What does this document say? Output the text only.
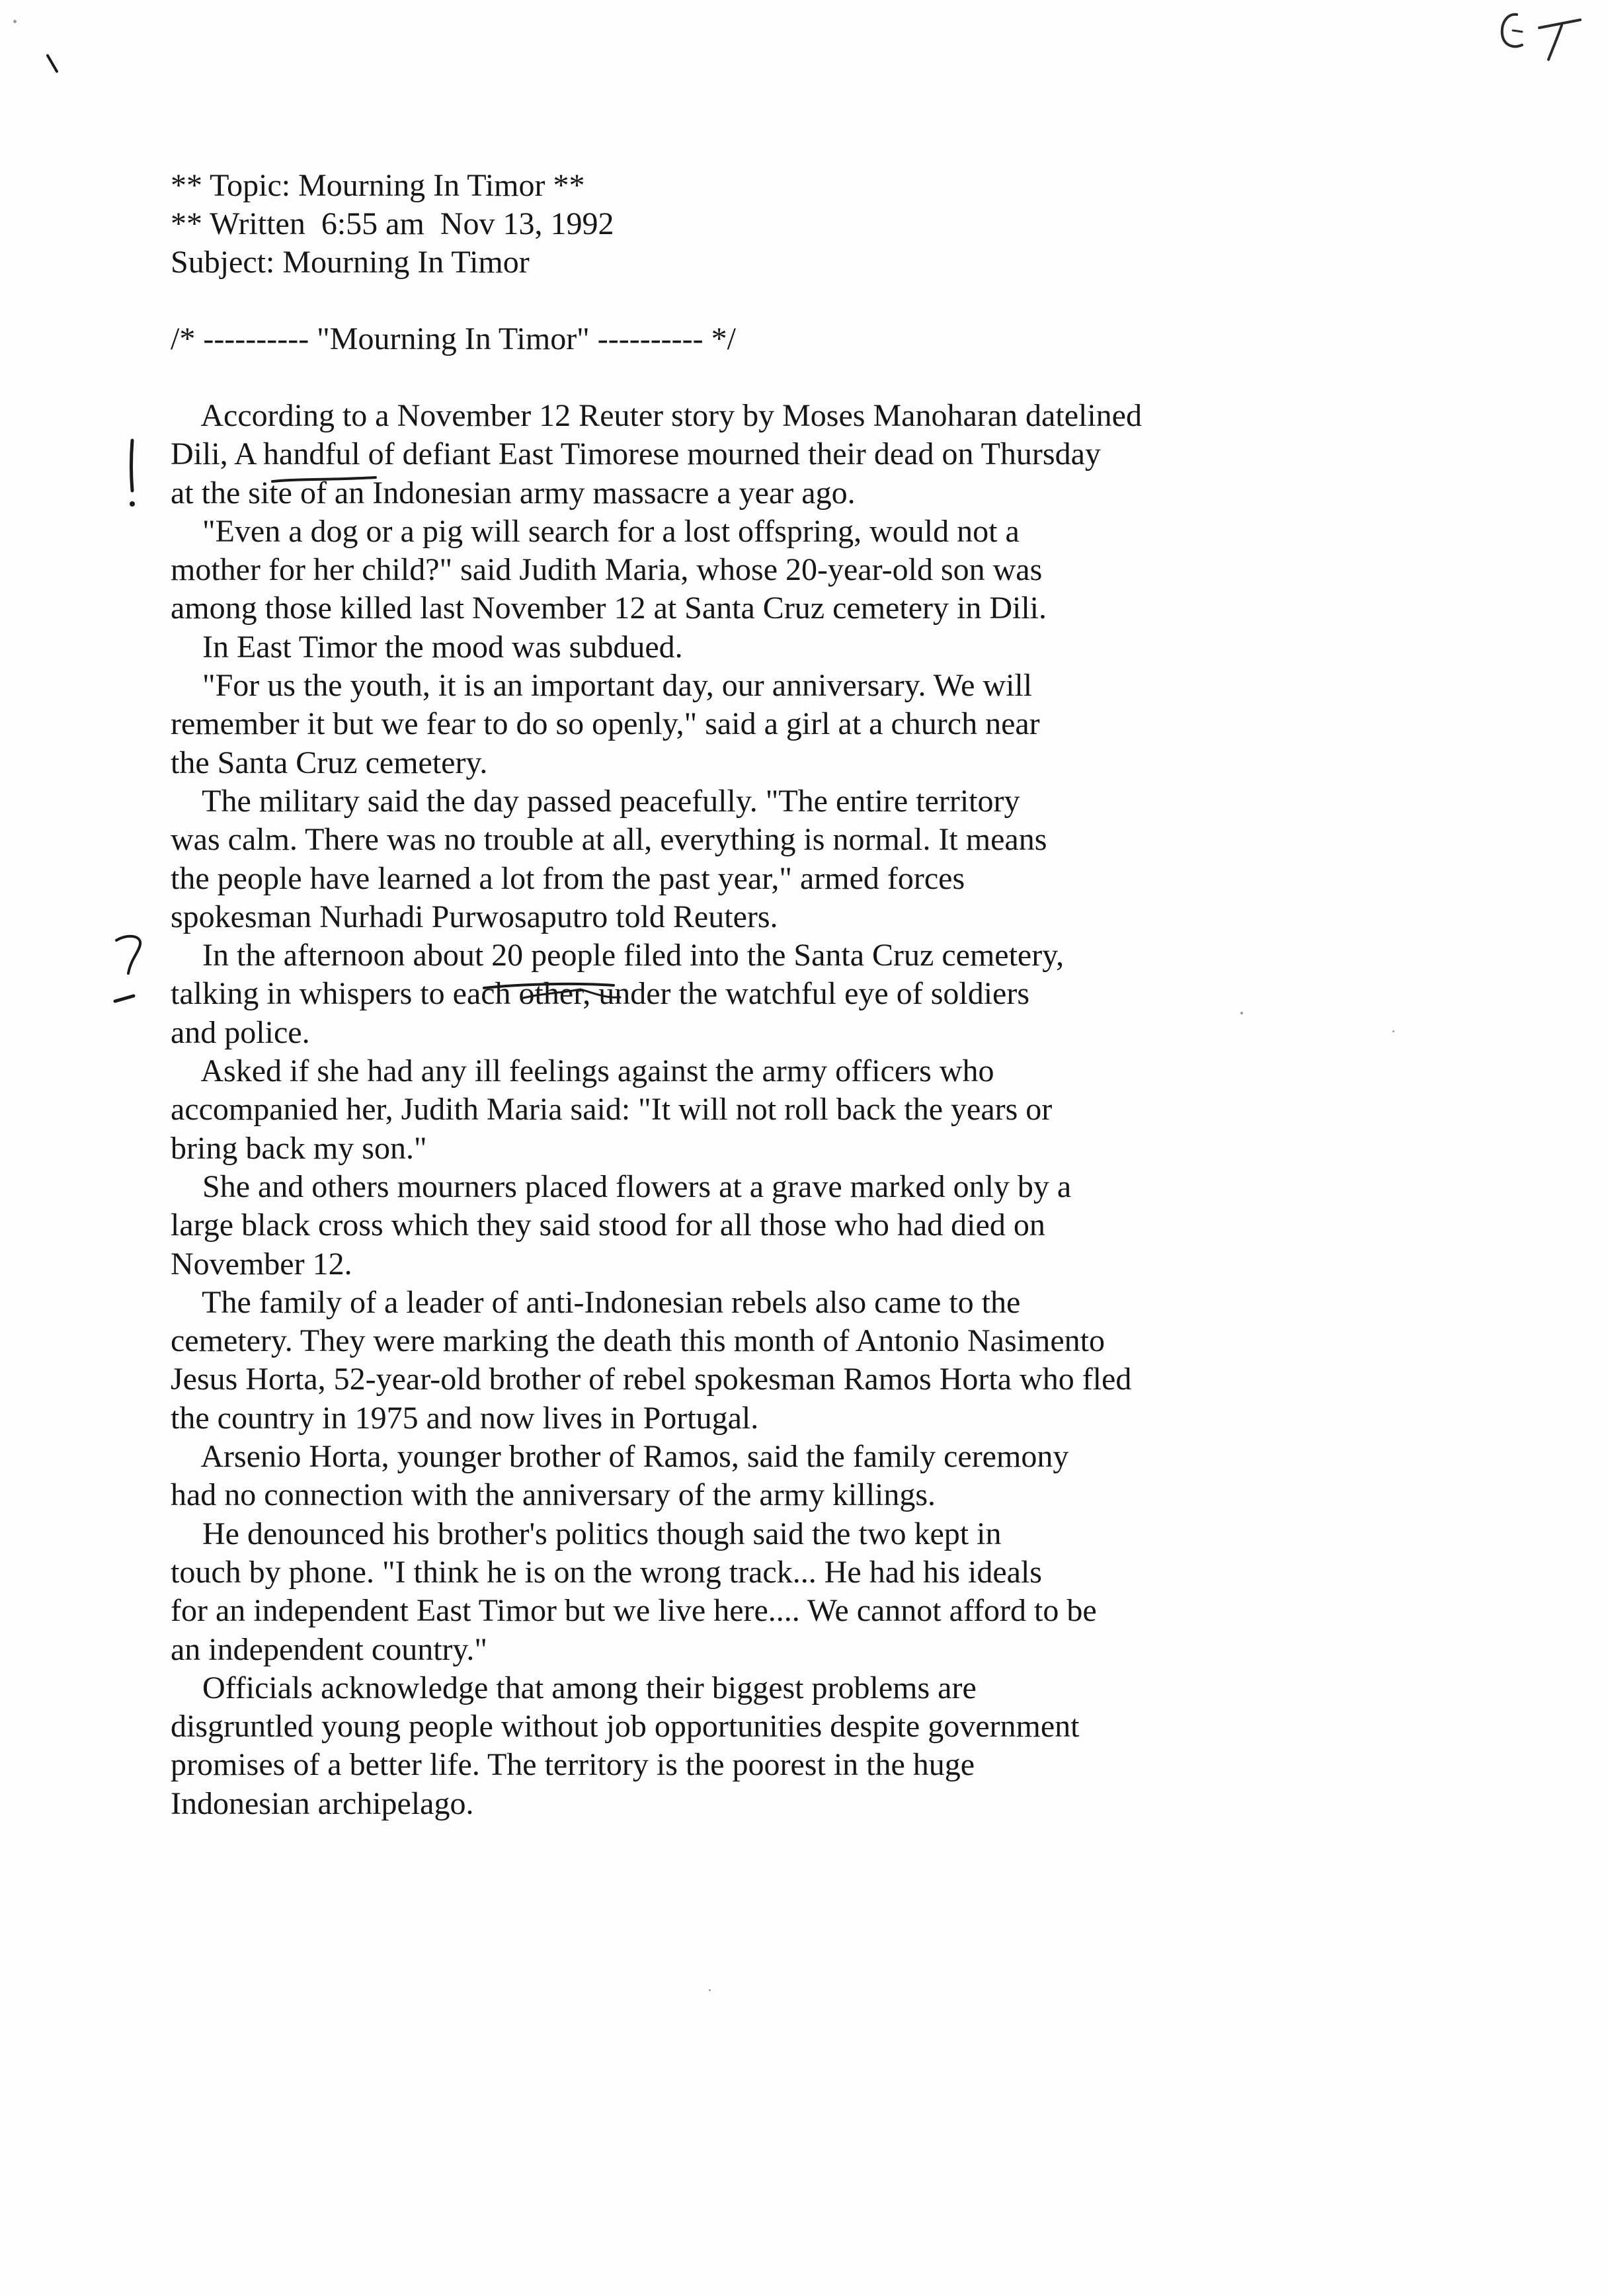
** Topic: Mourning In Timor **
** Written  6:55 am  Nov 13, 1992
Subject: Mourning In Timor
/* ---------- "Mourning In Timor" ---------- */
According to a November 12 Reuter story by Moses Manoharan datelined
Dili, A handful of defiant East Timorese mourned their dead on Thursday
at the site of an Indonesian army massacre a year ago.
"Even a dog or a pig will search for a lost offspring, would not a
mother for her child?" said Judith Maria, whose 20-year-old son was
among those killed last November 12 at Santa Cruz cemetery in Dili.
In East Timor the mood was subdued.
"For us the youth, it is an important day, our anniversary. We will
remember it but we fear to do so openly," said a girl at a church near
the Santa Cruz cemetery.
The military said the day passed peacefully. "The entire territory
was calm. There was no trouble at all, everything is normal. It means
the people have learned a lot from the past year," armed forces
spokesman Nurhadi Purwosaputro told Reuters.
In the afternoon about 20 people filed into the Santa Cruz cemetery,
talking in whispers to each other, under the watchful eye of soldiers
and police.
Asked if she had any ill feelings against the army officers who
accompanied her, Judith Maria said: "It will not roll back the years or
bring back my son."
She and others mourners placed flowers at a grave marked only by a
large black cross which they said stood for all those who had died on
November 12.
The family of a leader of anti-Indonesian rebels also came to the
cemetery. They were marking the death this month of Antonio Nasimento
Jesus Horta, 52-year-old brother of rebel spokesman Ramos Horta who fled
the country in 1975 and now lives in Portugal.
Arsenio Horta, younger brother of Ramos, said the family ceremony
had no connection with the anniversary of the army killings.
He denounced his brother's politics though said the two kept in
touch by phone. "I think he is on the wrong track... He had his ideals
for an independent East Timor but we live here.... We cannot afford to be
an independent country."
Officials acknowledge that among their biggest problems are
disgruntled young people without job opportunities despite government
promises of a better life. The territory is the poorest in the huge
Indonesian archipelago.
